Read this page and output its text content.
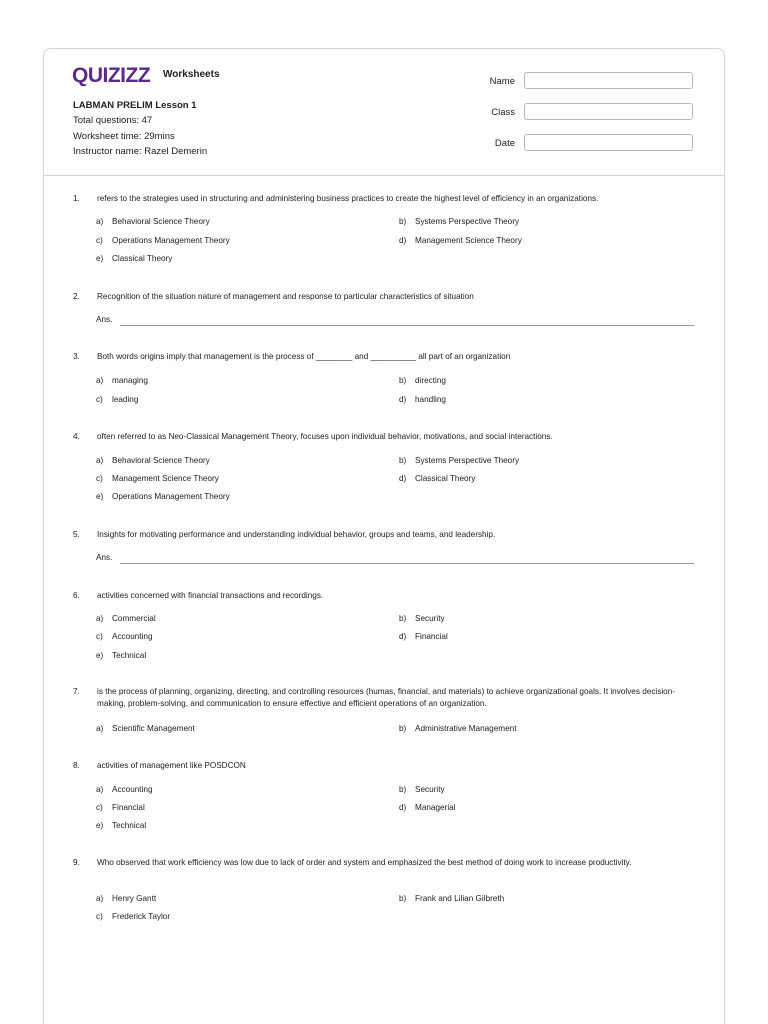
QUIZIZZ Worksheets
LABMAN PRELIM Lesson 1
Total questions: 47
Worksheet time: 29mins
Instructor name: Razel Demerin
Name
Class
Date
1. refers to the strategies used in structuring and administering business practices to create the highest level of efficiency in an organizations.
a) Behavioral Science Theory	b) Systems Perspective Theory
c) Operations Management Theory	d) Management Science Theory
e) Classical Theory
2. Recognition of the situation nature of management and response to particular characteristics of situation
Ans.
3. Both words origins imply that management is the process of ________ and __________ all part of an organization
a) managing	b) directing
c) leading	d) handling
4. often referred to as Neo-Classical Management Theory, focuses upon individual behavior, motivations, and social interactions.
a) Behavioral Science Theory	b) Systems Perspective Theory
c) Management Science Theory	d) Classical Theory
e) Operations Management Theory
5. Insights for motivating performance and understanding individual behavior, groups and teams, and leadership.
Ans.
6. activities concerned with financial transactions and recordings.
a) Commercial	b) Security
c) Accounting	d) Financial
e) Technical
7. is the process of planning, organizing, directing, and controlling resources (humas, financial, and materials) to achieve organizational goals. It involves decision-making, problem-solving, and communication to ensure effective and efficient operations of an organization.
a) Scientific Management	b) Administrative Management
8. activities of management like POSDCON
a) Accounting	b) Security
c) Financial	d) Managerial
e) Technical
9. Who observed that work efficiency was low due to lack of order and system and emphasized the best method of doing work to increase productivity.
a) Henry Gantt	b) Frank and Lilian Gilbreth
c) Frederick Taylor
